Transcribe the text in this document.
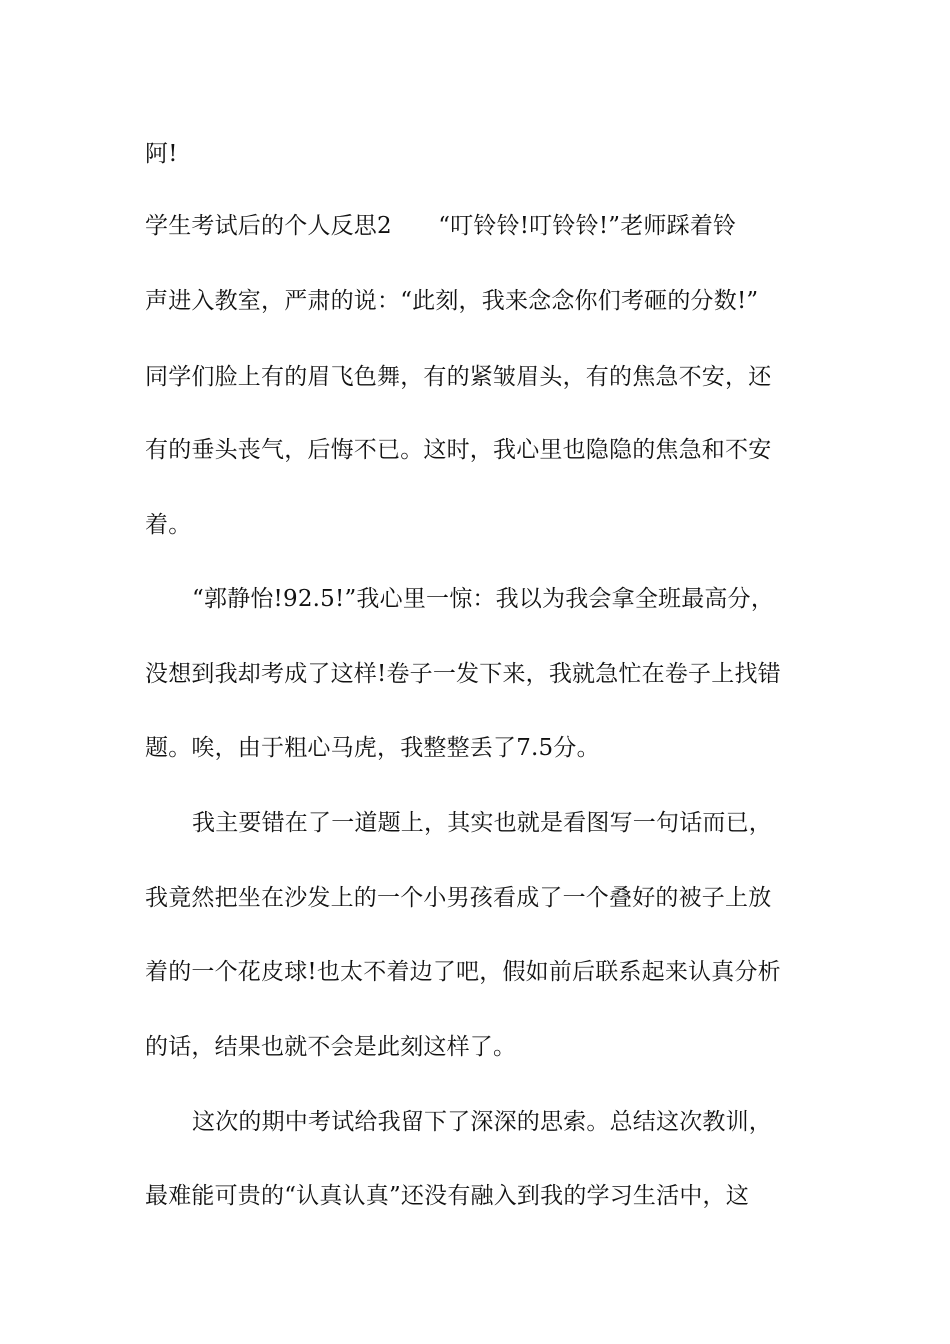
阿!
学生考试后的个人反思2　　“叮铃铃!叮铃铃!”老师踩着铃
声进入教室，严肃的说：“此刻，我来念念你们考砸的分数!”
同学们脸上有的眉飞色舞，有的紧皱眉头，有的焦急不安，还
有的垂头丧气，后悔不已。这时，我心里也隐隐的焦急和不安
着。
“郭静怡!92.5!”我心里一惊：我以为我会拿全班最高分，
没想到我却考成了这样!卷子一发下来，我就急忙在卷子上找错
题。唉，由于粗心马虎，我整整丢了7.5分。
我主要错在了一道题上，其实也就是看图写一句话而已，
我竟然把坐在沙发上的一个小男孩看成了一个叠好的被子上放
着的一个花皮球!也太不着边了吧，假如前后联系起来认真分析
的话，结果也就不会是此刻这样了。
这次的期中考试给我留下了深深的思索。总结这次教训，
最难能可贵的“认真认真”还没有融入到我的学习生活中，这
